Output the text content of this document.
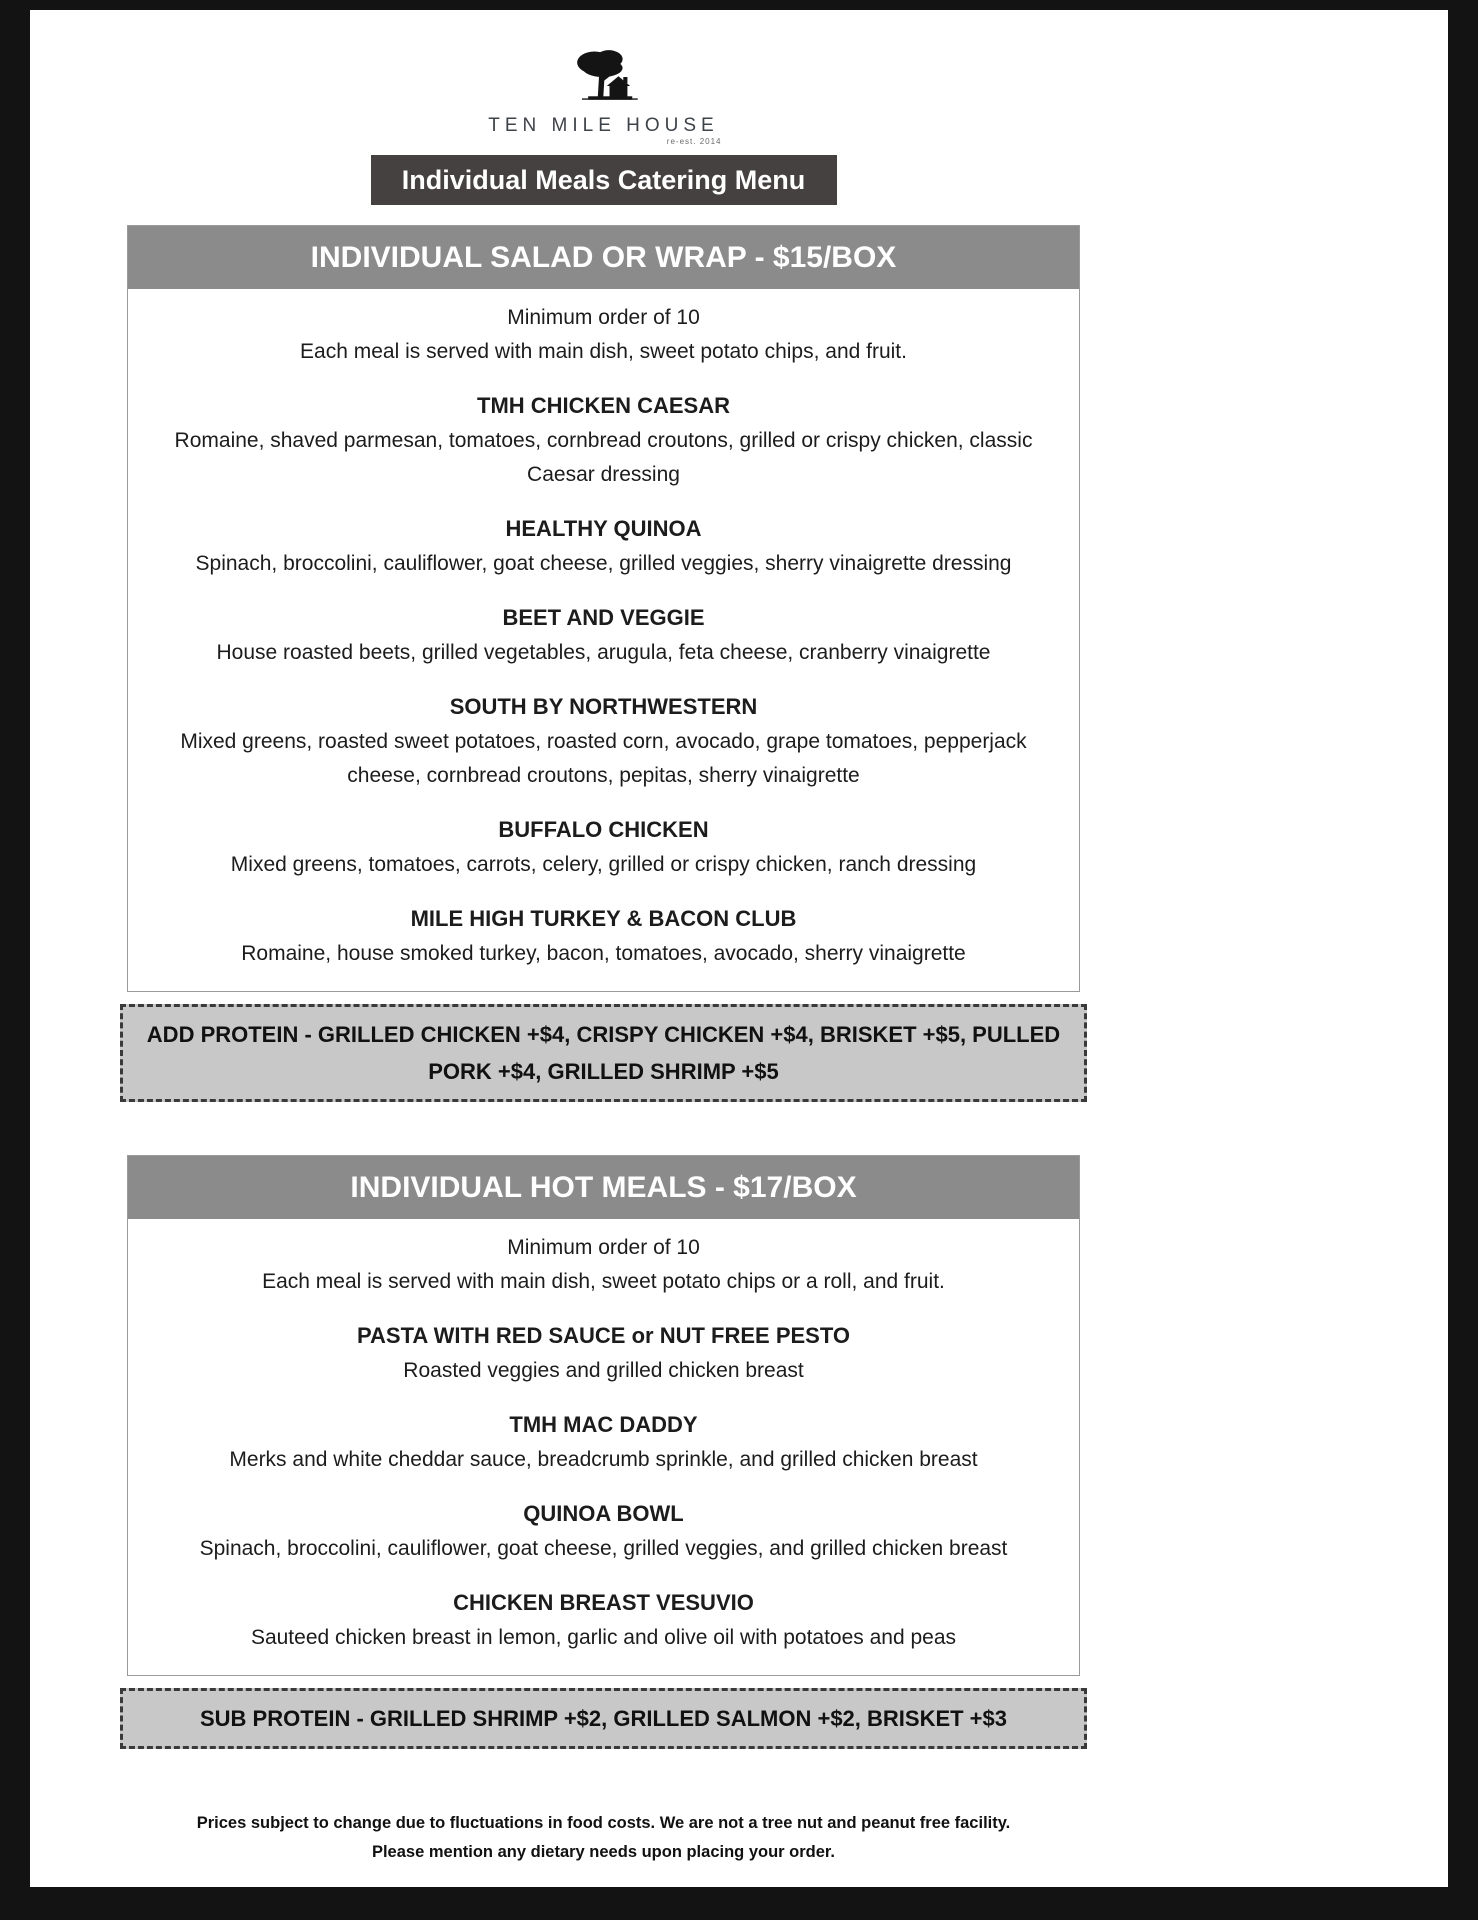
TEN MILE HOUSE
re-est. 2014
Individual Meals Catering Menu
INDIVIDUAL SALAD OR WRAP - $15/BOX
Minimum order of 10
Each meal is served with main dish, sweet potato chips, and fruit.
TMH CHICKEN CAESAR
Romaine, shaved parmesan, tomatoes, cornbread croutons, grilled or crispy chicken, classic Caesar dressing
HEALTHY QUINOA
Spinach, broccolini, cauliflower, goat cheese, grilled veggies, sherry vinaigrette dressing
BEET AND VEGGIE
House roasted beets, grilled vegetables, arugula, feta cheese, cranberry vinaigrette
SOUTH BY NORTHWESTERN
Mixed greens, roasted sweet potatoes, roasted corn, avocado, grape tomatoes, pepperjack cheese, cornbread croutons, pepitas, sherry vinaigrette
BUFFALO CHICKEN
Mixed greens, tomatoes, carrots, celery, grilled or crispy chicken, ranch dressing
MILE HIGH TURKEY & BACON CLUB
Romaine, house smoked turkey, bacon, tomatoes, avocado, sherry vinaigrette
ADD PROTEIN - GRILLED CHICKEN +$4, CRISPY CHICKEN +$4, BRISKET +$5, PULLED PORK +$4, GRILLED SHRIMP +$5
INDIVIDUAL HOT MEALS - $17/BOX
Minimum order of 10
Each meal is served with main dish, sweet potato chips or a roll, and fruit.
PASTA WITH RED SAUCE or NUT FREE PESTO
Roasted veggies and grilled chicken breast
TMH MAC DADDY
Merks and white cheddar sauce, breadcrumb sprinkle, and grilled chicken breast
QUINOA BOWL
Spinach, broccolini, cauliflower, goat cheese, grilled veggies, and grilled chicken breast
CHICKEN BREAST VESUVIO
Sauteed chicken breast in lemon, garlic and olive oil with potatoes and peas
SUB PROTEIN - GRILLED SHRIMP +$2, GRILLED SALMON +$2, BRISKET +$3
Prices subject to change due to fluctuations in food costs. We are not a tree nut and peanut free facility.
Please mention any dietary needs upon placing your order.
